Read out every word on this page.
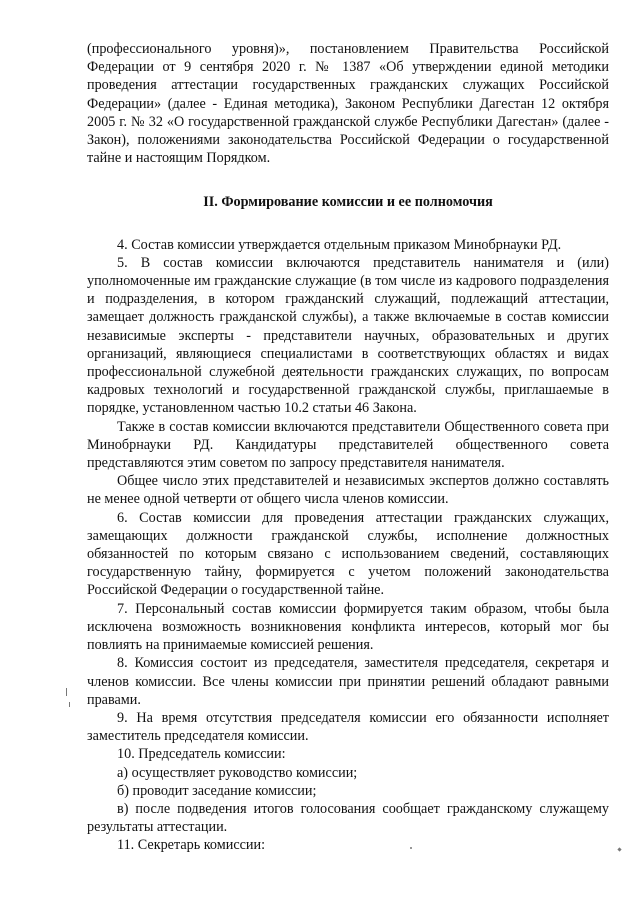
(профессионального уровня)», постановлением Правительства Российской Федерации от 9 сентября 2020 г. № 1387 «Об утверждении единой методики проведения аттестации государственных гражданских служащих Российской Федерации» (далее - Единая методика), Законом Республики Дагестан 12 октября 2005 г. № 32 «О государственной гражданской службе Республики Дагестан» (далее - Закон), положениями законодательства Российской Федерации о государственной тайне и настоящим Порядком.

II. Формирование комиссии и ее полномочия

4. Состав комиссии утверждается отдельным приказом Минобрнауки РД.

5. В состав комиссии включаются представитель нанимателя и (или) уполномоченные им гражданские служащие (в том числе из кадрового подразделения и подразделения, в котором гражданский служащий, подлежащий аттестации, замещает должность гражданской службы), а также включаемые в состав комиссии независимые эксперты - представители научных, образовательных и других организаций, являющиеся специалистами в соответствующих областях и видах профессиональной служебной деятельности гражданских служащих, по вопросам кадровых технологий и государственной гражданской службы, приглашаемые в порядке, установленном частью 10.2 статьи 46 Закона.

Также в состав комиссии включаются представители Общественного совета при Минобрнауки РД. Кандидатуры представителей общественного совета представляются этим советом по запросу представителя нанимателя.

Общее число этих представителей и независимых экспертов должно составлять не менее одной четверти от общего числа членов комиссии.

6. Состав комиссии для проведения аттестации гражданских служащих, замещающих должности гражданской службы, исполнение должностных обязанностей по которым связано с использованием сведений, составляющих государственную тайну, формируется с учетом положений законодательства Российской Федерации о государственной тайне.

7. Персональный состав комиссии формируется таким образом, чтобы была исключена возможность возникновения конфликта интересов, который мог бы повлиять на принимаемые комиссией решения.

8. Комиссия состоит из председателя, заместителя председателя, секретаря и членов комиссии. Все члены комиссии при принятии решений обладают равными правами.

9. На время отсутствия председателя комиссии его обязанности исполняет заместитель председателя комиссии.

10. Председатель комиссии:

а) осуществляет руководство комиссии;

б) проводит заседание комиссии;

в) после подведения итогов голосования сообщает гражданскому служащему результаты аттестации.

11. Секретарь комиссии:
